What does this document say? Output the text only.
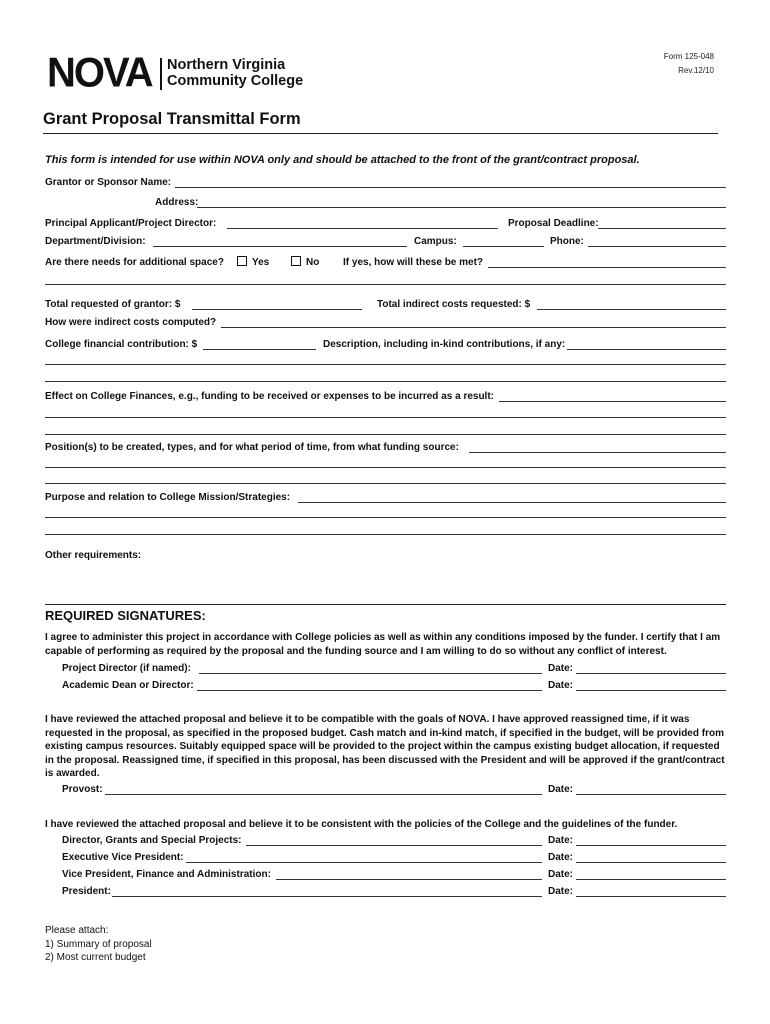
NOVA Northern Virginia
Community College
Form 125-048
Rev.12/10
Grant Proposal Transmittal Form
This form is intended for use within NOVA only and should be attached to the front of the grant/contract proposal.
Grantor or Sponsor Name:
Address:
Principal Applicant/Project Director:	Proposal Deadline:
Department/Division:	Campus:	Phone:
Are there needs for additional space?	Yes	No If yes, how will these be met?
Total requested of grantor: $	Total indirect costs requested: $
How were indirect costs computed?
College financial contribution: $	Description, including in-kind contributions, if any:
Effect on College Finances, e.g., funding to be received or expenses to be incurred as a result:
Position(s) to be created, types, and for what period of time, from what funding source:
Purpose and relation to College Mission/Strategies:
Other requirements:
REQUIRED SIGNATURES:
I agree to administer this project in accordance with College policies as well as within any conditions imposed by the funder. I certify that I am capable of performing as required by the proposal and the funding source and I am willing to do so without any conflict of interest.
Project Director (if named):	Date:
Academic Dean or Director:	Date:
I have reviewed the attached proposal and believe it to be compatible with the goals of NOVA. I have approved reassigned time, if it was requested in the proposal, as specified in the proposed budget. Cash match and in-kind match, if specified in the budget, will be provided from existing campus resources. Suitably equipped space will be provided to the project within the campus existing budget allocation, if requested in the proposal. Reassigned time, if specified in this proposal, has been discussed with the President and will be approved if the grant/contract is awarded.
Provost:	Date:
I have reviewed the attached proposal and believe it to be consistent with the policies of the College and the guidelines of the funder.
Director, Grants and Special Projects:	Date:
Executive Vice President:	Date:
Vice President, Finance and Administration:	Date:
President:	Date:
Please attach:
1) Summary of proposal
2) Most current budget
